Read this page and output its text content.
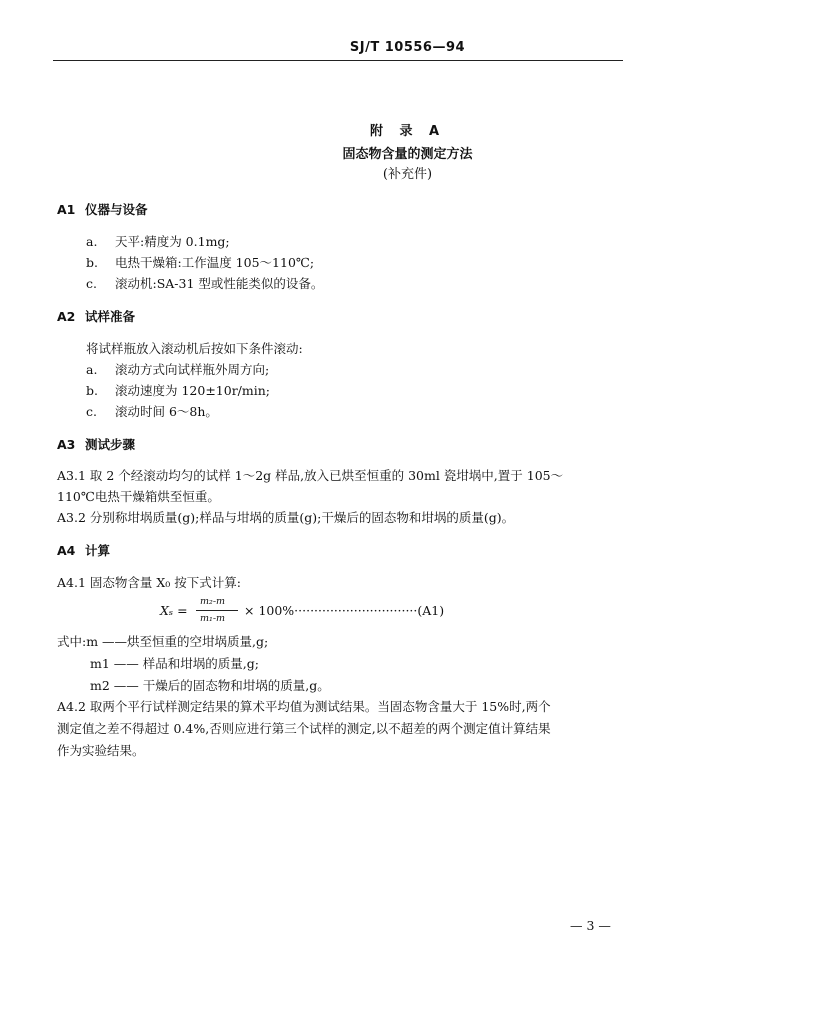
SJ/T 10556—94
附 录 A
固态物含量的测定方法
(补充件)
A1 仪器与设备
a. 天平:精度为 0.1mg;
b. 电热干燥箱:工作温度 105～110℃;
c. 滚动机:SA-31 型或性能类似的设备。
A2 试样准备
将试样瓶放入滚动机后按如下条件滚动:
a. 滚动方式向试样瓶外周方向;
b. 滚动速度为 120±10r/min;
c. 滚动时间 6～8h。
A3 测试步骤
A3.1 取 2 个经滚动均匀的试样 1～2g 样品,放入已烘至恒重的 30ml 瓷坩埚中,置于 105～
110℃电热干燥箱烘至恒重。
A3.2 分别称坩埚质量(g);样品与坩埚的质量(g);干燥后的固态物和坩埚的质量(g)。
A4 计算
A4.1 固态物含量 X₀ 按下式计算:
Xₛ =
m₂-m
m₁-m
× 100%·······························(A1)
式中:m ——烘至恒重的空坩埚质量,g;
m1 —— 样品和坩埚的质量,g;
m2 —— 干燥后的固态物和坩埚的质量,g。
A4.2 取两个平行试样测定结果的算术平均值为测试结果。当固态物含量大于 15%时,两个
测定值之差不得超过 0.4%,否则应进行第三个试样的测定,以不超差的两个测定值计算结果
作为实验结果。
— 3 —
